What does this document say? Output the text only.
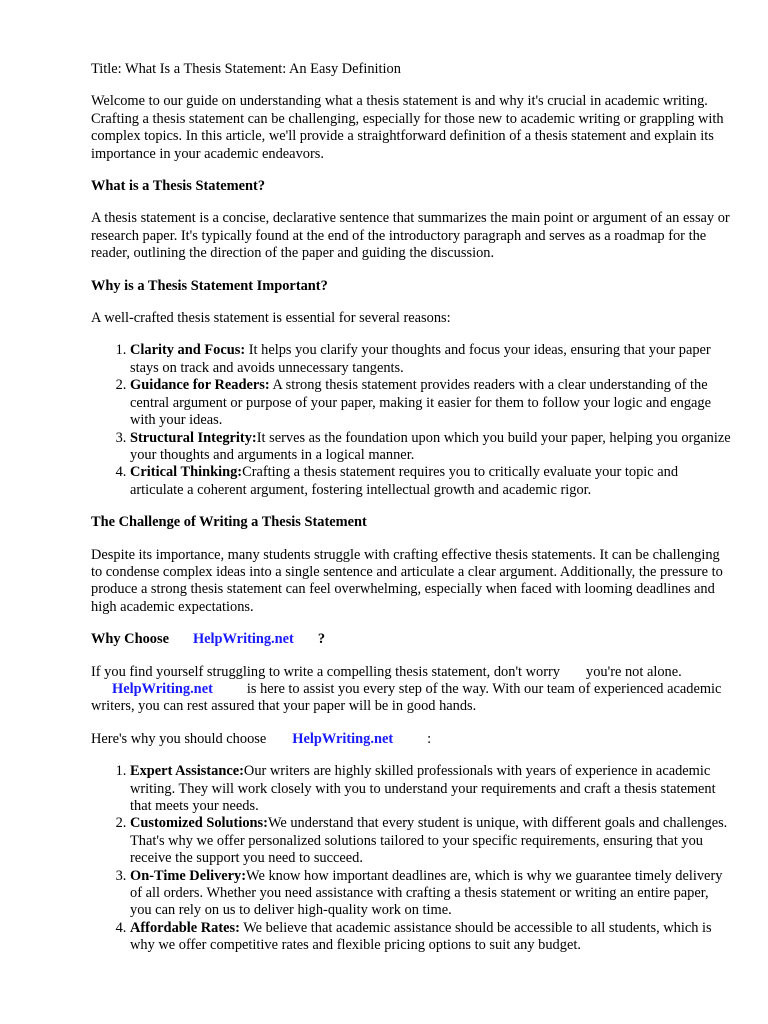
Title: What Is a Thesis Statement: An Easy Definition

Welcome to our guide on understanding what a thesis statement is and why it's crucial in academic writing. Crafting a thesis statement can be challenging, especially for those new to academic writing or grappling with complex topics. In this article, we'll provide a straightforward definition of a thesis statement and explain its importance in your academic endeavors.

What is a Thesis Statement?

A thesis statement is a concise, declarative sentence that summarizes the main point or argument of an essay or research paper. It's typically found at the end of the introductory paragraph and serves as a roadmap for the reader, outlining the direction of the paper and guiding the discussion.

Why is a Thesis Statement Important?

A well-crafted thesis statement is essential for several reasons:

1. Clarity and Focus: It helps you clarify your thoughts and focus your ideas, ensuring that your paper stays on track and avoids unnecessary tangents.
2. Guidance for Readers: A strong thesis statement provides readers with a clear understanding of the central argument or purpose of your paper, making it easier for them to follow your logic and engage with your ideas.
3. Structural Integrity:It serves as the foundation upon which you build your paper, helping you organize your thoughts and arguments in a logical manner.
4. Critical Thinking:Crafting a thesis statement requires you to critically evaluate your topic and articulate a coherent argument, fostering intellectual growth and academic rigor.
The Challenge of Writing a Thesis Statement

Despite its importance, many students struggle with crafting effective thesis statements. It can be challenging to condense complex ideas into a single sentence and articulate a clear argument. Additionally, the pressure to produce a strong thesis statement can feel overwhelming, especially when faced with looming deadlines and high academic expectations.

Why Choose HelpWriting.net ?

If you find yourself struggling to write a compelling thesis statement, don't worry you're not alone.
HelpWriting.net is here to assist you every step of the way. With our team of experienced academic writers, you can rest assured that your paper will be in good hands.

Here's why you should choose HelpWriting.net :

1. Expert Assistance:Our writers are highly skilled professionals with years of experience in academic writing. They will work closely with you to understand your requirements and craft a thesis statement that meets your needs.
2. Customized Solutions:We understand that every student is unique, with different goals and challenges. That's why we offer personalized solutions tailored to your specific requirements, ensuring that you receive the support you need to succeed.
3. On-Time Delivery:We know how important deadlines are, which is why we guarantee timely delivery of all orders. Whether you need assistance with crafting a thesis statement or writing an entire paper, you can rely on us to deliver high-quality work on time.
4. Affordable Rates: We believe that academic assistance should be accessible to all students, which is why we offer competitive rates and flexible pricing options to suit any budget.
